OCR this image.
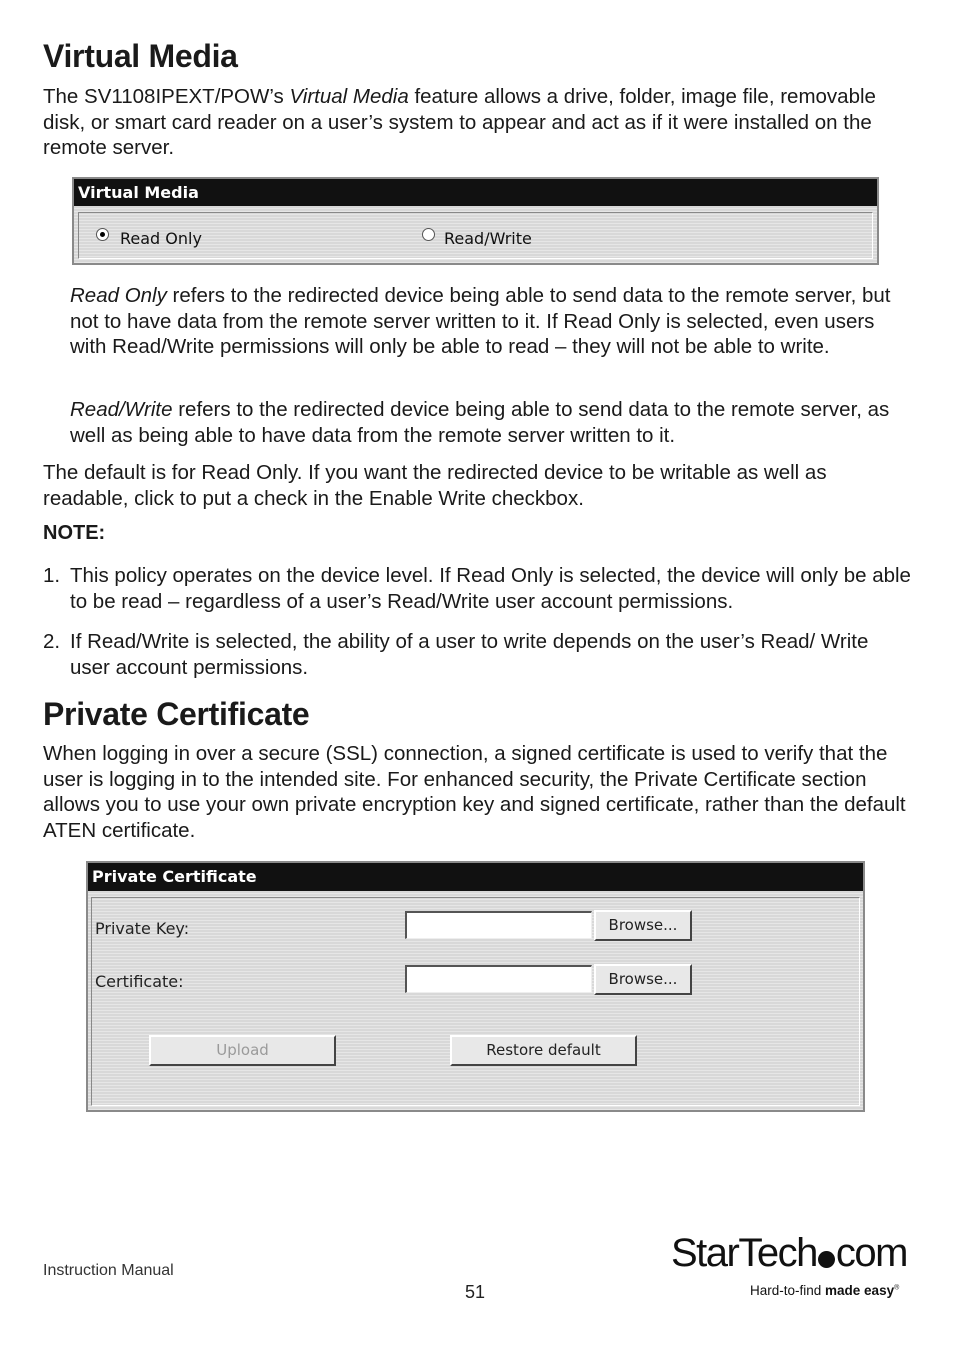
Virtual Media
The SV1108IPEXT/POW’s Virtual Media feature allows a drive, folder, image file, removable disk, or smart card reader on a user’s system to appear and act as if it were installed on the remote server.
Virtual Media
Read Only	Read/Write
Read Only refers to the redirected device being able to send data to the remote server, but not to have data from the remote server written to it. If Read Only is selected, even users with Read/Write permissions will only be able to read – they will not be able to write.
Read/Write refers to the redirected device being able to send data to the remote server, as well as being able to have data from the remote server written to it.
The default is for Read Only. If you want the redirected device to be writable as well as readable, click to put a check in the Enable Write checkbox.
NOTE:
1. This policy operates on the device level. If Read Only is selected, the device will only be able to be read – regardless of a user’s Read/Write user account permissions.
2. If Read/Write is selected, the ability of a user to write depends on the user’s Read/ Write user account permissions.
Private Certificate
When logging in over a secure (SSL) connection, a signed certificate is used to verify that the user is logging in to the intended site. For enhanced security, the Private Certificate section allows you to use your own private encryption key and signed certificate, rather than the default ATEN certificate.
Private Certificate
Private Key:	Browse...
Certificate:	Browse...
Upload	Restore default
Instruction Manual
51
StarTech com
Hard-to-find made easy®
